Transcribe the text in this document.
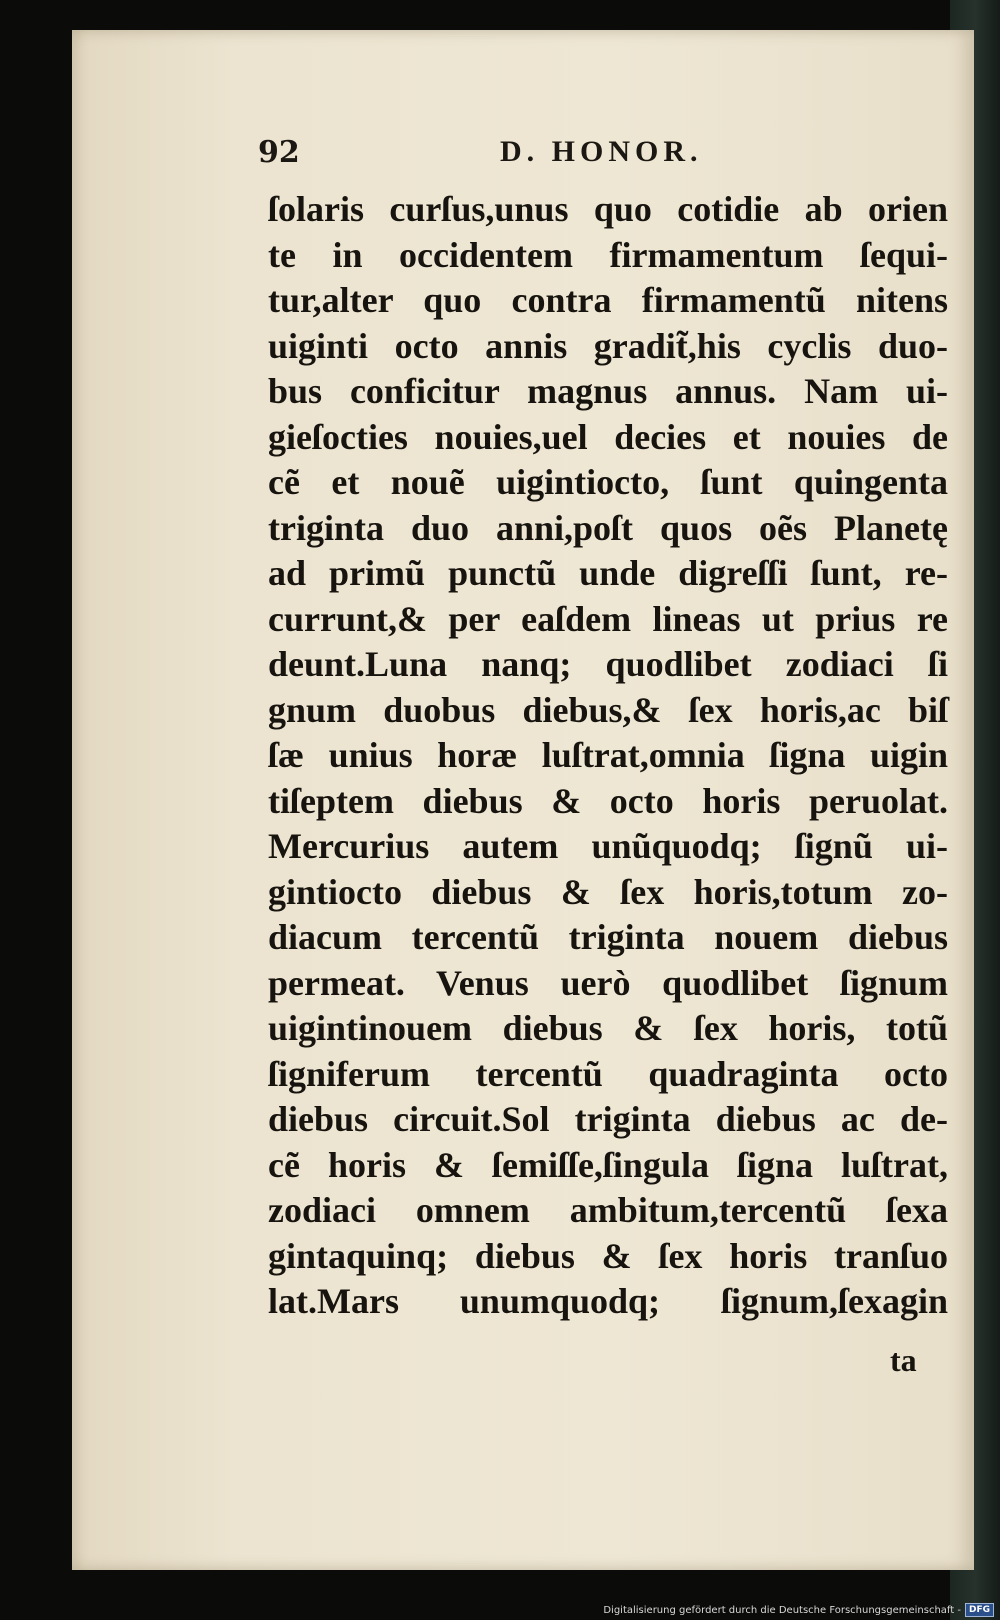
92	D. HONOR.
ſolaris curſus,unus quo cotidie ab orien
te in occidentem firmamentum ſequi-
tur,alter quo contra firmamentũ nitens
uiginti octo annis gradit̃,his cyclis duo-
bus conficitur magnus annus. Nam ui-
gieſocties nouies,uel decies et nouies de
cẽ et nouẽ uigintiocto, ſunt quingenta
triginta duo anni,poſt quos oẽs Planetę
ad primũ punctũ unde digreſſi ſunt, re-
currunt,& per eaſdem lineas ut prius re
deunt.Luna nanq; quodlibet zodiaci ſi
gnum duobus diebus,& ſex horis,ac biſ
ſæ unius horæ luſtrat,omnia ſigna uigin
tiſeptem diebus & octo horis peruolat.
Mercurius autem unũquodq; ſignũ ui-
gintiocto diebus & ſex horis,totum zo-
diacum tercentũ triginta nouem diebus
permeat. Venus uerò quodlibet ſignum
uigintinouem diebus & ſex horis, totũ
ſigniferum tercentũ quadraginta octo
diebus circuit.Sol triginta diebus ac de-
cẽ horis & ſemiſſe,ſingula ſigna luſtrat,
zodiaci omnem ambitum,tercentũ ſexa
gintaquinq; diebus & ſex horis tranſuo
lat.Mars unumquodq; ſignum,ſexagin
ta
Digitalisierung gefördert durch die Deutsche Forschungsgemeinschaft - DFG
